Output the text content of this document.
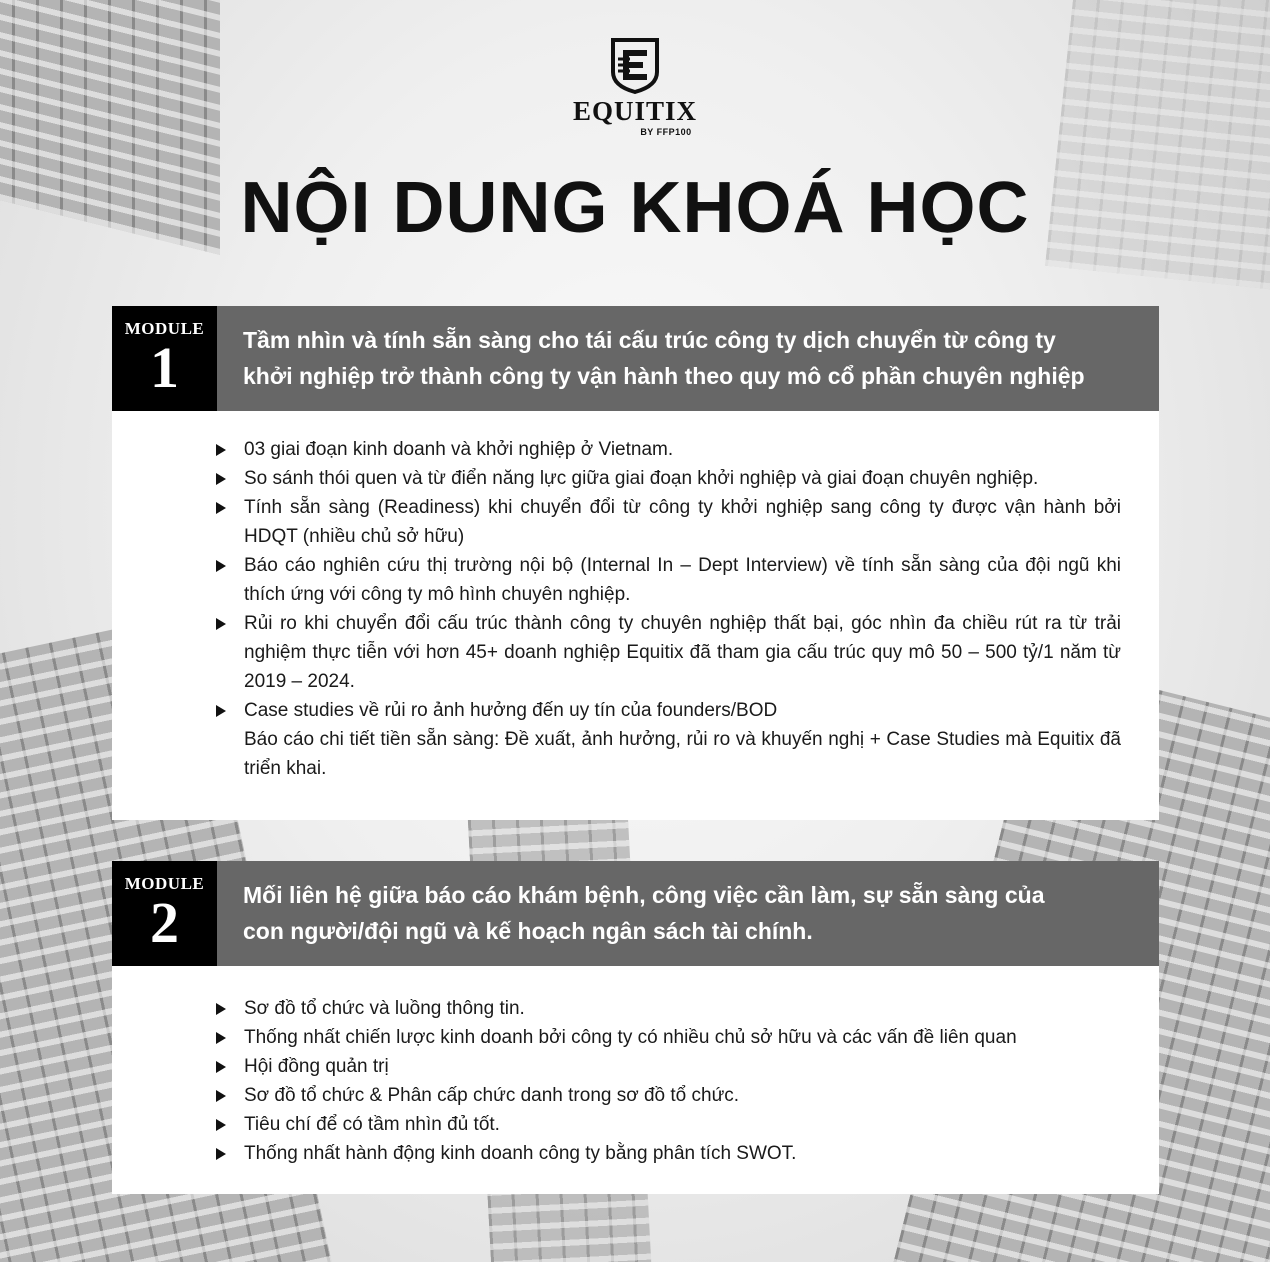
EQUITIX
BY FFP100
NỘI DUNG KHOÁ HỌC
MODULE
1	Tầm nhìn và tính sẵn sàng cho tái cấu trúc công ty dịch chuyển từ công ty
khởi nghiệp trở thành công ty vận hành theo quy mô cổ phần chuyên nghiệp
03 giai đoạn kinh doanh và khởi nghiệp ở Vietnam.
So sánh thói quen và từ điển năng lực giữa giai đoạn khởi nghiệp và giai đoạn chuyên nghiệp.
Tính sẵn sàng (Readiness) khi chuyển đổi từ công ty khởi nghiệp sang công ty được vận hành bởi HDQT (nhiều chủ sở hữu)
Báo cáo nghiên cứu thị trường nội bộ (Internal In – Dept Interview) về tính sẵn sàng của đội ngũ khi thích ứng với công ty mô hình chuyên nghiệp.
Rủi ro khi chuyển đổi cấu trúc thành công ty chuyên nghiệp thất bại, góc nhìn đa chiều rút ra từ trải nghiệm thực tiễn với hơn 45+ doanh nghiệp Equitix đã tham gia cấu trúc quy mô 50 – 500 tỷ/1 năm từ 2019 – 2024.
Case studies về rủi ro ảnh hưởng đến uy tín của founders/BOD
Báo cáo chi tiết tiền sẵn sàng: Đề xuất, ảnh hưởng, rủi ro và khuyến nghị + Case Studies mà Equitix đã triển khai.
MODULE
2	Mối liên hệ giữa báo cáo khám bệnh, công việc cần làm, sự sẵn sàng của
con người/đội ngũ và kế hoạch ngân sách tài chính.
Sơ đồ tổ chức và luồng thông tin.
Thống nhất chiến lược kinh doanh bởi công ty có nhiều chủ sở hữu và các vấn đề liên quan
Hội đồng quản trị
Sơ đồ tổ chức & Phân cấp chức danh trong sơ đồ tổ chức.
Tiêu chí để có tầm nhìn đủ tốt.
Thống nhất hành động kinh doanh công ty bằng phân tích SWOT.
